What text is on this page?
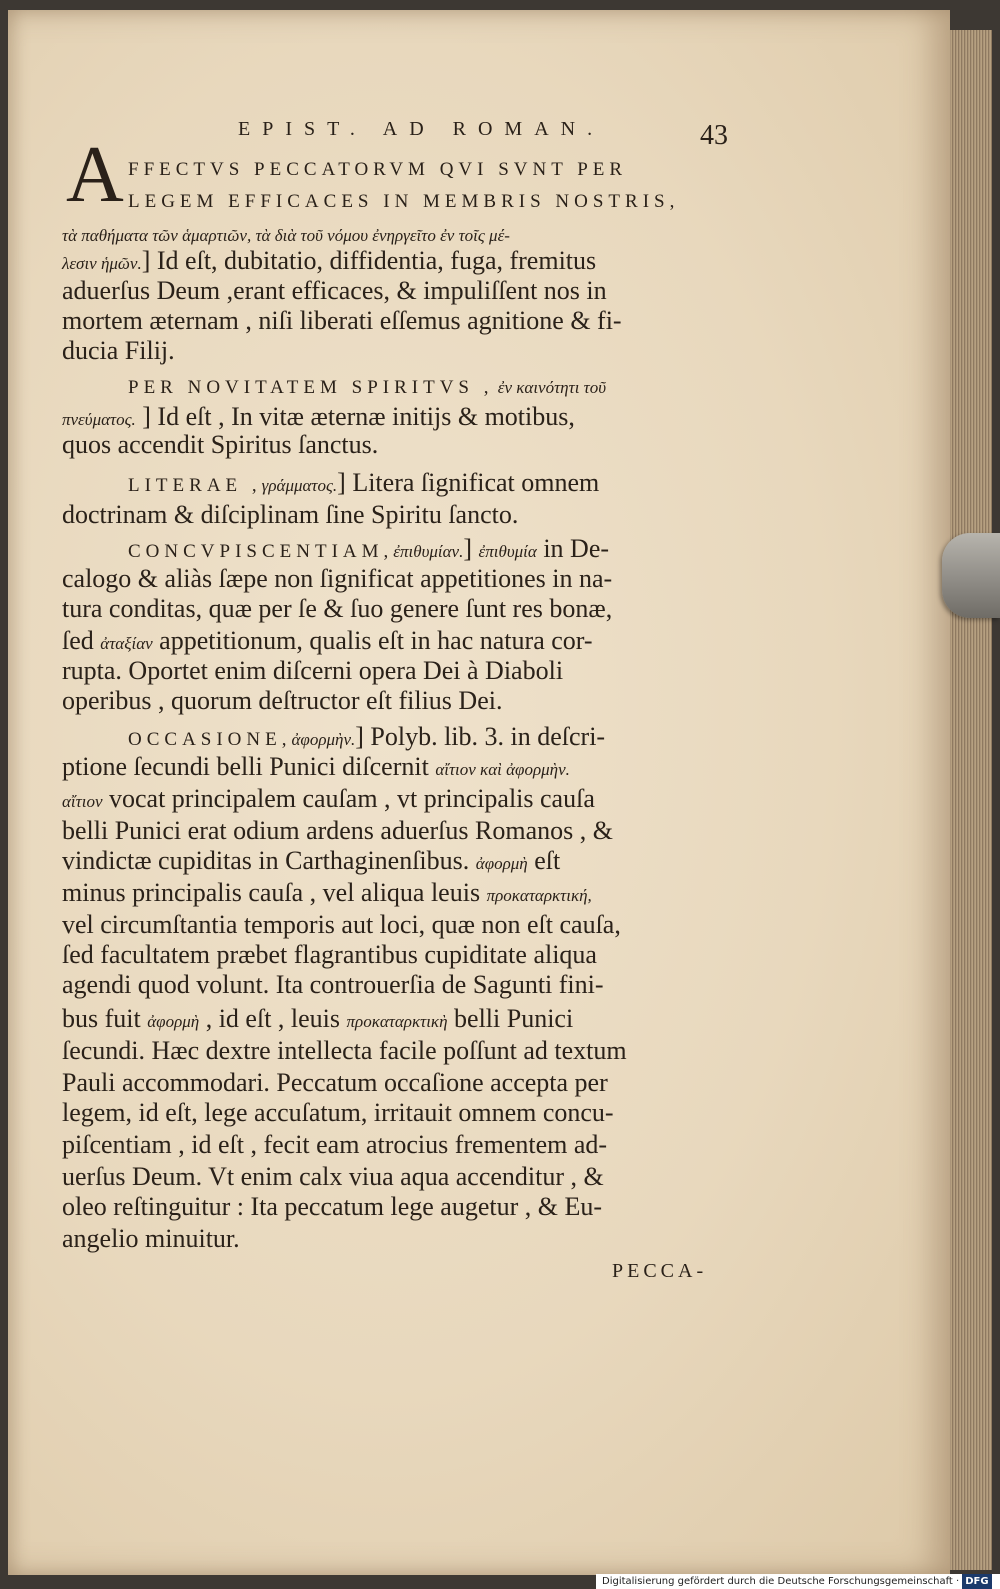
EPIST. AD ROMAN.	43
A FFECTVS PECCATORVM QVI SVNT PER
LEGEM EFFICACES IN MEMBRIS NOSTRIS,
τὰ παθήματα τῶν ἁμαρτιῶν, τὰ διὰ τοῦ νόμου ἐνηργεῖτο ἐν τοῖς μέ-
λεσιν ἡμῶν.] Id eſt, dubitatio, diffidentia, fuga, fremitus
aduerſus Deum ,erant efficaces, & impuliſſent nos in
mortem æternam , niſi liberati eſſemus agnitione & fi-
ducia Filij.
PER NOVITATEM SPIRITVS , ἐν καινότητι τοῦ
πνεύματος. ] Id eſt , In vitæ æternæ initijs & motibus,
quos accendit Spiritus ſanctus.
LITERAE ,γράμματος.] Litera ſignificat omnem
doctrinam & diſciplinam ſine Spiritu ſancto.
CONCVPISCENTIAM,ἐπιθυμίαν.] ἐπιθυμία in De-
calogo & aliàs ſæpe non ſignificat appetitiones in na-
tura conditas, quæ per ſe & ſuo genere ſunt res bonæ,
ſed ἀταξίαν appetitionum, qualis eſt in hac natura cor-
rupta. Oportet enim diſcerni opera Dei à Diaboli
operibus , quorum deſtructor eſt filius Dei.
OCCASIONE,ἀφορμὴν.] Polyb. lib. 3. in deſcri-
ptione ſecundi belli Punici diſcernit αἴτιον καὶ ἀφορμὴν.
αἴτιον vocat principalem cauſam , vt principalis cauſa
belli Punici erat odium ardens aduerſus Romanos , &
vindictæ cupiditas in Carthaginenſibus. ἀφορμὴ eſt
minus principalis cauſa , vel aliqua leuis προκαταρκτική,
vel circumſtantia temporis aut loci, quæ non eſt cauſa,
ſed facultatem præbet flagrantibus cupiditate aliqua
agendi quod volunt. Ita controuerſia de Sagunti fini-
bus fuit ἀφορμὴ , id eſt , leuis προκαταρκτικὴ belli Punici
ſecundi. Hæc dextre intellecta facile poſſunt ad textum
Pauli accommodari. Peccatum occaſione accepta per
legem, id eſt, lege accuſatum, irritauit omnem concu-
piſcentiam , id eſt , fecit eam atrocius frementem ad-
uerſus Deum. Vt enim calx viua aqua accenditur , &
oleo reſtinguitur : Ita peccatum lege augetur , & Eu-
angelio minuitur.
PECCA-
Digitalisierung gefördert durch die Deutsche Forschungsgemeinschaft · DFG
